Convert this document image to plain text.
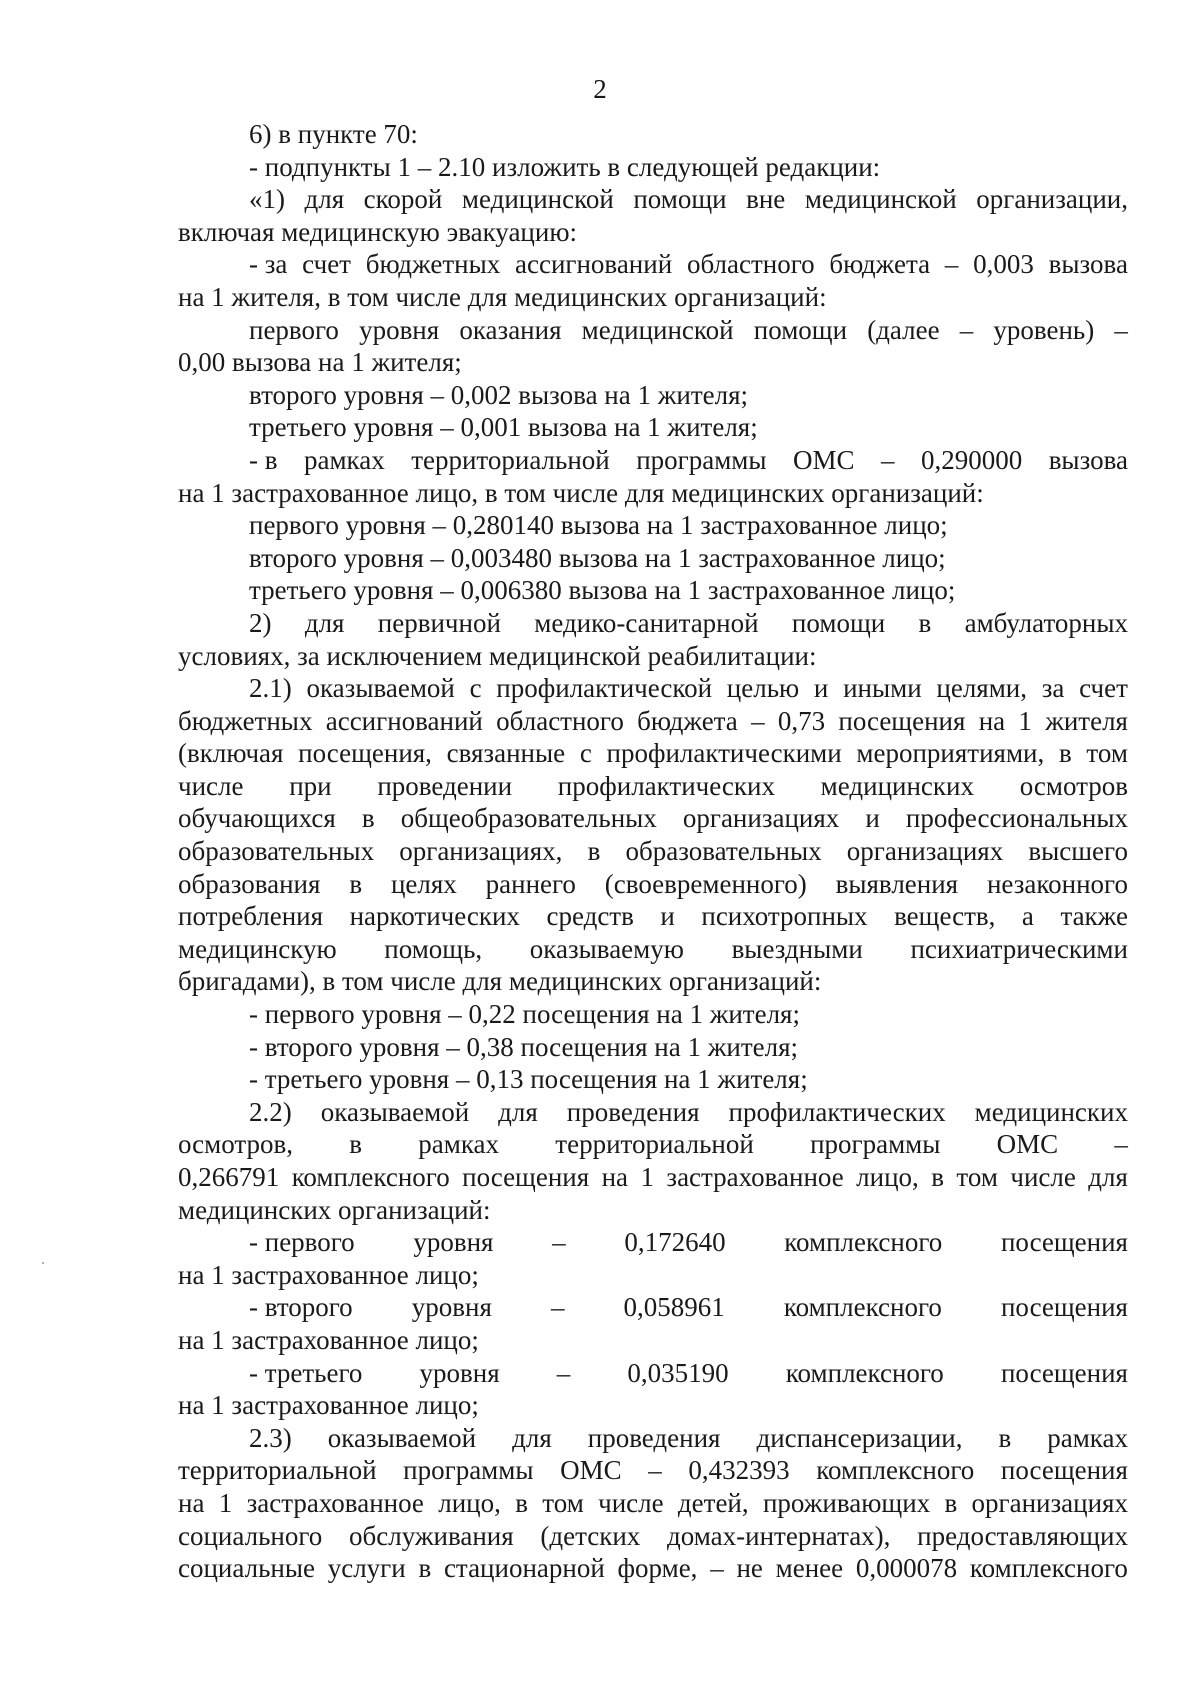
2
6) в пункте 70:
- подпункты 1 – 2.10 изложить в следующей редакции:
«1) для скорой медицинской помощи вне медицинской организации,
включая медицинскую эвакуацию:
- за счет бюджетных ассигнований областного бюджета – 0,003 вызова
на 1 жителя, в том числе для медицинских организаций:
первого уровня оказания медицинской помощи (далее – уровень) –
0,00 вызова на 1 жителя;
второго уровня – 0,002 вызова на 1 жителя;
третьего уровня – 0,001 вызова на 1 жителя;
- в рамках территориальной программы ОМС – 0,290000 вызова
на 1 застрахованное лицо, в том числе для медицинских организаций:
первого уровня – 0,280140 вызова на 1 застрахованное лицо;
второго уровня – 0,003480 вызова на 1 застрахованное лицо;
третьего уровня – 0,006380 вызова на 1 застрахованное лицо;
2) для первичной медико-санитарной помощи в амбулаторных
условиях, за исключением медицинской реабилитации:
2.1) оказываемой с профилактической целью и иными целями, за счет
бюджетных ассигнований областного бюджета – 0,73 посещения на 1 жителя
(включая посещения, связанные с профилактическими мероприятиями, в том
числе при проведении профилактических медицинских осмотров
обучающихся в общеобразовательных организациях и профессиональных
образовательных организациях, в образовательных организациях высшего
образования в целях раннего (своевременного) выявления незаконного
потребления наркотических средств и психотропных веществ, а также
медицинскую помощь, оказываемую выездными психиатрическими
бригадами), в том числе для медицинских организаций:
- первого уровня – 0,22 посещения на 1 жителя;
- второго уровня – 0,38 посещения на 1 жителя;
- третьего уровня – 0,13 посещения на 1 жителя;
2.2) оказываемой для проведения профилактических медицинских
осмотров, в рамках территориальной программы ОМС –
0,266791 комплексного посещения на 1 застрахованное лицо, в том числе для
медицинских организаций:
- первого уровня – 0,172640 комплексного посещения
на 1 застрахованное лицо;
- второго уровня – 0,058961 комплексного посещения
на 1 застрахованное лицо;
- третьего уровня – 0,035190 комплексного посещения
на 1 застрахованное лицо;
2.3) оказываемой для проведения диспансеризации, в рамках
территориальной программы ОМС – 0,432393 комплексного посещения
на 1 застрахованное лицо, в том числе детей, проживающих в организациях
социального обслуживания (детских домах-интернатах), предоставляющих
социальные услуги в стационарной форме, – не менее 0,000078 комплексного
